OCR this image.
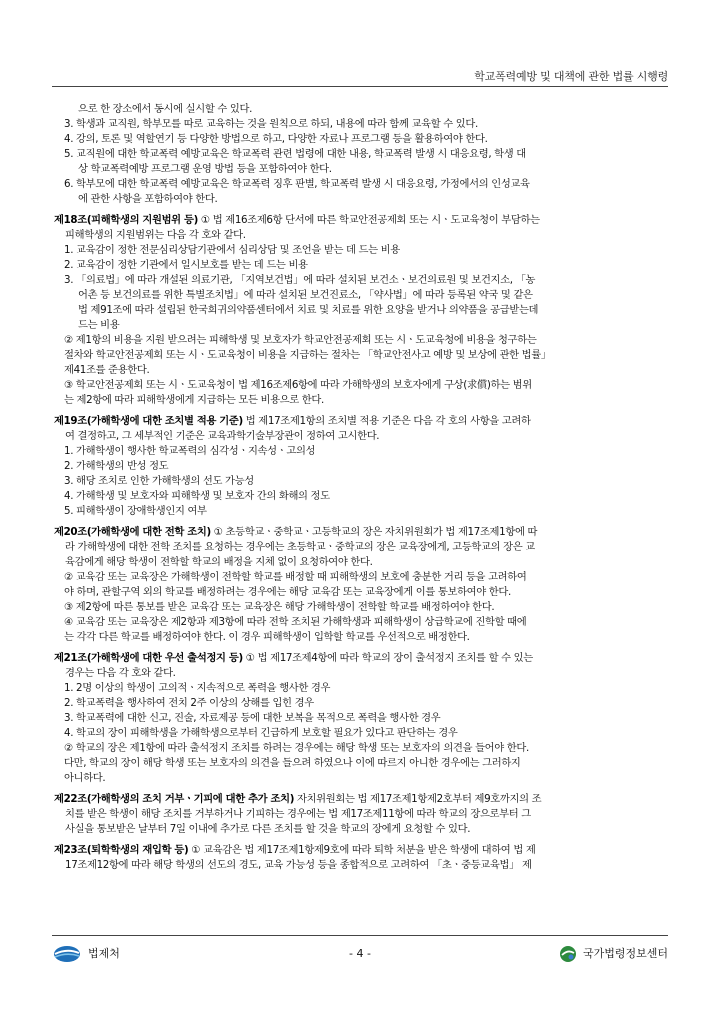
학교폭력예방 및 대책에 관한 법률 시행령

으로 한 장소에서 동시에 실시할 수 있다.

3. 학생과 교직원, 학부모를 따로 교육하는 것을 원칙으로 하되, 내용에 따라 함께 교육할 수 있다.

4. 강의, 토론 및 역할연기 등 다양한 방법으로 하고, 다양한 자료나 프로그램 등을 활용하여야 한다.

5. 교직원에 대한 학교폭력 예방교육은 학교폭력 관련 법령에 대한 내용, 학교폭력 발생 시 대응요령, 학생 대

상 학교폭력예방 프로그램 운영 방법 등을 포함하여야 한다.

6. 학부모에 대한 학교폭력 예방교육은 학교폭력 징후 판별, 학교폭력 발생 시 대응요령, 가정에서의 인성교육

에 관한 사항을 포함하여야 한다.

제18조(피해학생의 지원범위 등) ① 법 제16조제6항 단서에 따른 학교안전공제회 또는 시ㆍ도교육청이 부담하는

피해학생의 지원범위는 다음 각 호와 같다.

1. 교육감이 정한 전문심리상담기관에서 심리상담 및 조언을 받는 데 드는 비용

2. 교육감이 정한 기관에서 일시보호를 받는 데 드는 비용

3. 「의료법」에 따라 개설된 의료기관, 「지역보건법」에 따라 설치된 보건소ㆍ보건의료원 및 보건지소, 「농

어촌 등 보건의료를 위한 특별조치법」에 따라 설치된 보건진료소, 「약사법」에 따라 등록된 약국 및 같은

법 제91조에 따라 설립된 한국희귀의약품센터에서 치료 및 치료를 위한 요양을 받거나 의약품을 공급받는데

드는 비용

② 제1항의 비용을 지원 받으려는 피해학생 및 보호자가 학교안전공제회 또는 시ㆍ도교육청에 비용을 청구하는

절차와 학교안전공제회 또는 시ㆍ도교육청이 비용을 지급하는 절차는 「학교안전사고 예방 및 보상에 관한 법률」

제41조를 준용한다.

③ 학교안전공제회 또는 시ㆍ도교육청이 법 제16조제6항에 따라 가해학생의 보호자에게 구상(求償)하는 범위

는 제2항에 따라 피해학생에게 지급하는 모든 비용으로 한다.

제19조(가해학생에 대한 조치별 적용 기준) 법 제17조제1항의 조치별 적용 기준은 다음 각 호의 사항을 고려하

여 결정하고, 그 세부적인 기준은 교육과학기술부장관이 정하여 고시한다.

1. 가해학생이 행사한 학교폭력의 심각성ㆍ지속성ㆍ고의성

2. 가해학생의 반성 정도

3. 해당 조치로 인한 가해학생의 선도 가능성

4. 가해학생 및 보호자와 피해학생 및 보호자 간의 화해의 정도

5. 피해학생이 장애학생인지 여부

제20조(가해학생에 대한 전학 조치) ① 초등학교ㆍ중학교ㆍ고등학교의 장은 자치위원회가 법 제17조제1항에 따

라 가해학생에 대한 전학 조치를 요청하는 경우에는 초등학교ㆍ중학교의 장은 교육장에게, 고등학교의 장은 교

육감에게 해당 학생이 전학할 학교의 배정을 지체 없이 요청하여야 한다.

② 교육감 또는 교육장은 가해학생이 전학할 학교를 배정할 때 피해학생의 보호에 충분한 거리 등을 고려하여

야 하며, 관할구역 외의 학교를 배정하려는 경우에는 해당 교육감 또는 교육장에게 이를 통보하여야 한다.

③ 제2항에 따른 통보를 받은 교육감 또는 교육장은 해당 가해학생이 전학할 학교를 배정하여야 한다.

④ 교육감 또는 교육장은 제2항과 제3항에 따라 전학 조치된 가해학생과 피해학생이 상급학교에 진학할 때에

는 각각 다른 학교를 배정하여야 한다. 이 경우 피해학생이 입학할 학교를 우선적으로 배정한다.

제21조(가해학생에 대한 우선 출석정지 등) ① 법 제17조제4항에 따라 학교의 장이 출석정지 조치를 할 수 있는

경우는 다음 각 호와 같다.

1. 2명 이상의 학생이 고의적ㆍ지속적으로 폭력을 행사한 경우

2. 학교폭력을 행사하여 전치 2주 이상의 상해를 입힌 경우

3. 학교폭력에 대한 신고, 진술, 자료제공 등에 대한 보복을 목적으로 폭력을 행사한 경우

4. 학교의 장이 피해학생을 가해학생으로부터 긴급하게 보호할 필요가 있다고 판단하는 경우

② 학교의 장은 제1항에 따라 출석정지 조치를 하려는 경우에는 해당 학생 또는 보호자의 의견을 들어야 한다.

다만, 학교의 장이 해당 학생 또는 보호자의 의견을 들으려 하였으나 이에 따르지 아니한 경우에는 그러하지

아니하다.

제22조(가해학생의 조치 거부ㆍ기피에 대한 추가 조치) 자치위원회는 법 제17조제1항제2호부터 제9호까지의 조

치를 받은 학생이 해당 조치를 거부하거나 기피하는 경우에는 법 제17조제11항에 따라 학교의 장으로부터 그

사실을 통보받은 날부터 7일 이내에 추가로 다른 조치를 할 것을 학교의 장에게 요청할 수 있다.

제23조(퇴학학생의 재입학 등) ① 교육감은 법 제17조제1항제9호에 따라 퇴학 처분을 받은 학생에 대하여 법 제

17조제12항에 따라 해당 학생의 선도의 경도, 교육 가능성 등을 종합적으로 고려하여 「초ㆍ중등교육법」 제

법제처	- 4 -	국가법령정보센터
